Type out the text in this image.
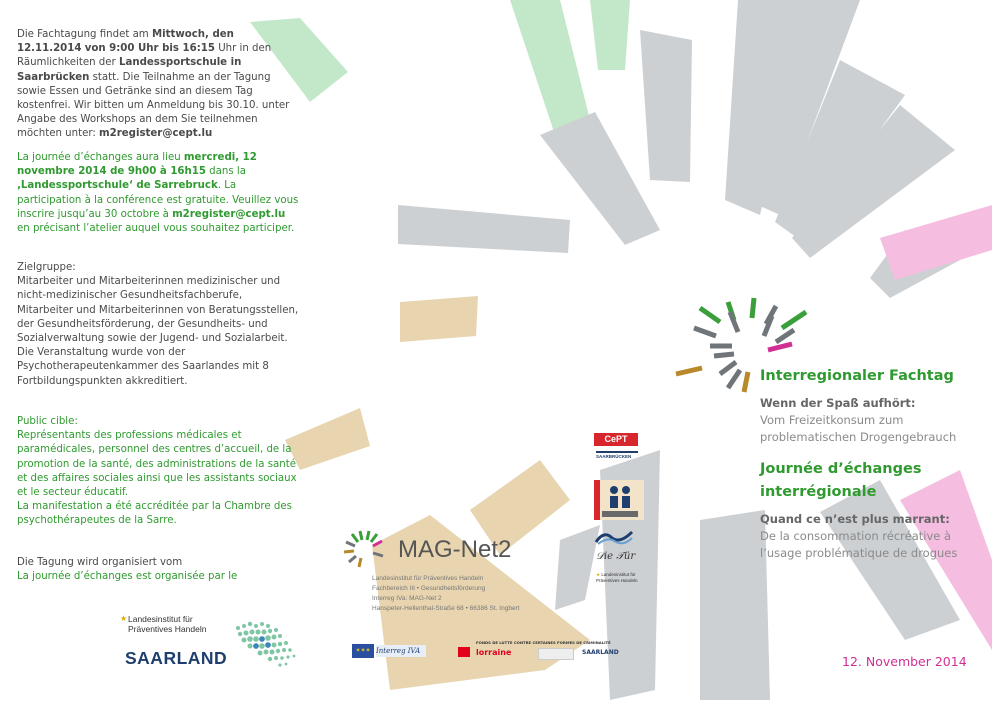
Die Fachtagung findet am Mittwoch, den 12.11.2014 von 9:00 Uhr bis 16:15 Uhr in den Räumlichkeiten der Landessportschule in Saarbrücken statt. Die Teilnahme an der Tagung sowie Essen und Getränke sind an diesem Tag kostenfrei. Wir bitten um Anmeldung bis 30.10. unter Angabe des Workshops an dem Sie teilnehmen möchten unter: m2register@cept.lu
La journée d’échanges aura lieu mercredi, 12 novembre 2014 de 9h00 à 16h15 dans la ‚Landessportschule‘ de Sarrebruck. La participation à la conférence est gratuite. Veuillez vous inscrire jusqu’au 30 octobre à m2register@cept.lu en précisant l’atelier auquel vous souhaitez participer.

Zielgruppe:

Mitarbeiter und Mitarbeiterinnen medizinischer und nicht-medizinischer Gesundheitsfachberufe, Mitarbeiter und Mitarbeiterinnen von Beratungsstellen, der Gesundheitsförderung, der Gesundheits- und Sozialverwaltung sowie der Jugend- und Sozialarbeit.

Die Veranstaltung wurde von der Psychotherapeutenkammer des Saarlandes mit 8 Fortbildungspunkten akkreditiert.

Public cible:

Représentants des professions médicales et paramédicales, personnel des centres d’accueil, de la promotion de la santé, des administrations de la santé et des affaires sociales ainsi que les assistants sociaux et le secteur éducatif.

La manifestation a été accréditée par la Chambre des psychothérapeutes de la Sarre.

Die Tagung wird organisiert vom
La journée d’échanges est organisée par le
★ Landesinstitut für
Präventives Handeln
SAARLAND
MAG-Net2
Landesinstitut für Präventives Handeln
Fachbereich III • Gesundheitsförderung
Interreg IVa: MAG-Net 2
Hanspeter-Hellenthal-Straße 68 • 66386 St. Ingbert
CePT
SAARBRÜCKEN
𝒟ie 𝒯ür
★ Landesinstitut für Präventives Handeln
✶✶✶ Interreg IVA
FONDS DE LUTTE CONTRE CERTAINES FORMES DE CRIMINALITÉ
lorraine	SAARLAND
Interregionaler Fachtag
Wenn der Spaß aufhört:
Vom Freizeitkonsum zum
problematischen Drogengebrauch
Journée d’échanges
interrégionale
Quand ce n’est plus marrant:
De la consommation récréative à
l’usage problématique de drogues
12. November 2014
